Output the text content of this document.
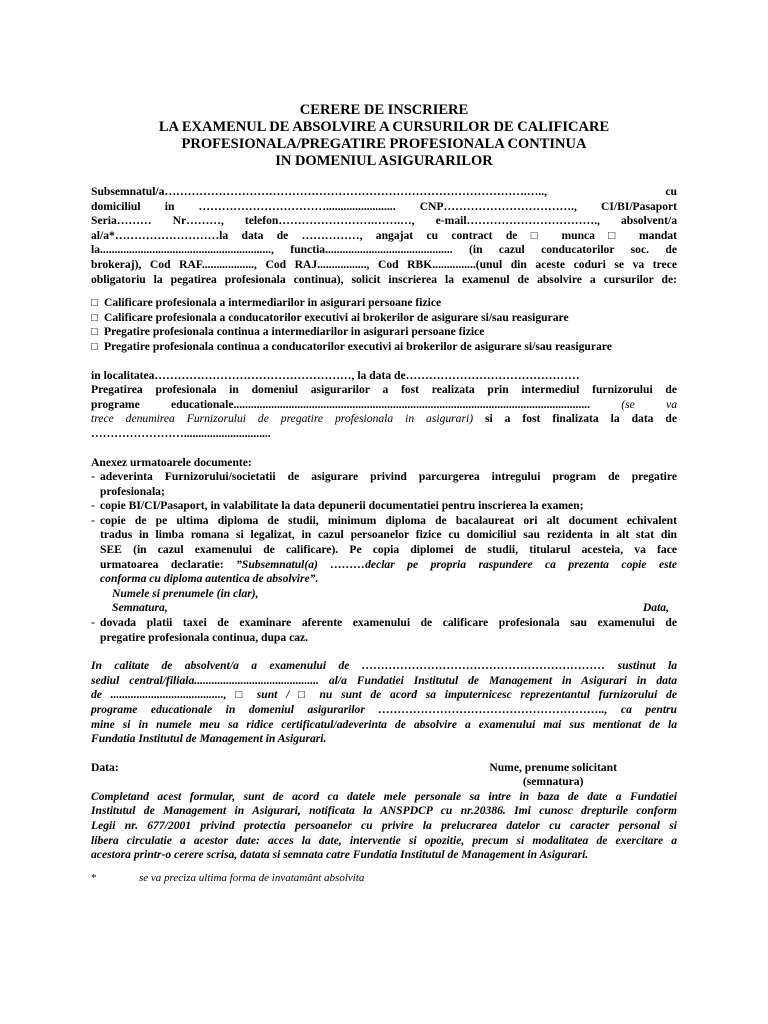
CERERE DE INSCRIERE
LA EXAMENUL DE ABSOLVIRE A CURSURILOR DE CALIFICARE
PROFESIONALA/PREGATIRE PROFESIONALA CONTINUA
IN DOMENIUL ASIGURARILOR

Subsemnatul/a………………………………………………………………………………….….., cu

domiciliul in ……………………………........................ CNP……………………………., CI/BI/Pasaport

Seria……… Nr………, telefon…………………….…….…, e-mail……………………………., absolvent/a

al/a*………………………la data de ……………, angajat cu contract de □ munca □ mandat

la..........................................................., functia............................................ (in cazul conducatorilor soc. de

brokeraj), Cod RAF.................., Cod RAJ................., Cod RBK...............(unul din aceste coduri se va trece

obligatoriu la pegatirea profesionala continua), solicit inscrierea la examenul de absolvire a cursurilor de:

□ Calificare profesionala a intermediarilor in asigurari persoane fizice
□ Calificare profesionala a conducatorilor executivi ai brokerilor de asigurare si/sau reasigurare
□ Pregatire profesionala continua a intermediarilor in asigurari persoane fizice
□ Pregatire profesionala continua a conducatorilor executivi ai brokerilor de asigurare si/sau reasigurare

in localitatea……………………………………………, la data de………………………………………

Pregatirea profesionala in domeniul asigurarilor a fost realizata prin intermediul furnizorului de

programe educationale...........................................................................................................................	(se va

trece denumirea Furnizorului de pregatire profesionala in asigurari) si a fost finalizata la data de

……………………..............................

Anexez urmatoarele documente:

- adeverinta Furnizorului/societatii de asigurare privind parcurgerea intregului program de pregatire

profesionala;

- copie BI/CI/Pasaport, in valabilitate la data depunerii documentatiei pentru inscrierea la examen;

- copie de pe ultima diploma de studii, minimum diploma de bacalaureat ori alt document echivalent

tradus in limba romana si legalizat, in cazul persoanelor fizice cu domiciliul sau rezidenta in alt stat din

SEE (in cazul examenului de calificare). Pe copia diplomei de studii, titularul acesteia, va face

urmatoarea declaratie: ”Subsemnatul(a) ………declar pe propria raspundere ca prezenta copie este

conforma cu diploma autentica de absolvire”.

Numele si prenumele (in clar),

Semnatura,	Data,

- dovada platii taxei de examinare aferente examenului de calificare profesionala sau examenului de

pregatire profesionala continua, dupa caz.

In calitate de absolvent/a a examenului de ……………………………………………………… sustinut la

sediul central/filiala........................................... al/a Fundatiei Institutul de Management in Asigurari in data

de ......................................., □ sunt / □ nu sunt de acord sa imputernicesc reprezentantul furnizorului de

programe educationale in domeniul asigurarilor ………………………………………………….., ca pentru

mine si in numele meu sa ridice certificatul/adeverinta de absolvire a examenului mai sus mentionat de la

Fundatia Institutul de Management in Asigurari.

Data:	Nume, prenume solicitant
(semnatura)

Completand acest formular, sunt de acord ca datele mele personale sa intre in baza de date a Fundatiei

Institutul de Management in Asigurari, notificata la ANSPDCP cu nr.20386. Imi cunosc drepturile conform

Legii nr. 677/2001 privind protectia persoanelor cu privire la prelucrarea datelor cu caracter personal si

libera circulatie a acestor date: acces la date, interventie si opozitie, precum si modalitatea de exercitare a

acestora printr-o cerere scrisa, datata si semnata catre Fundatia Institutul de Management in Asigurari.

*	se va preciza ultima forma de invatamânt absolvita
